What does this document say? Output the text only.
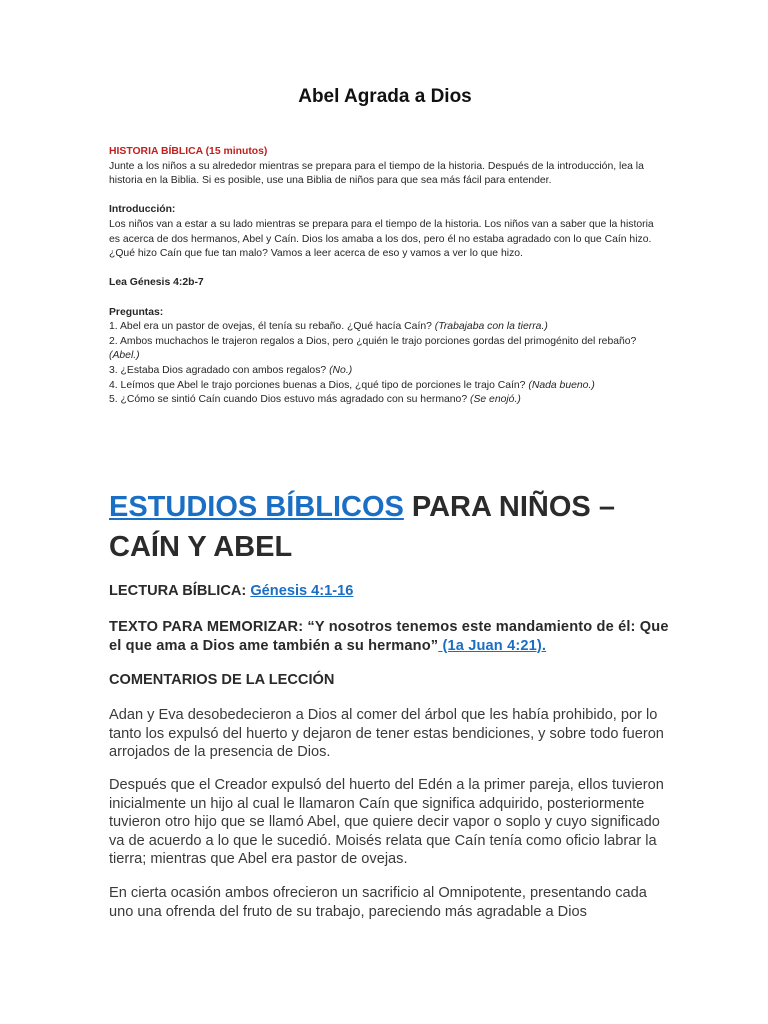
Abel Agrada a Dios

HISTORIA BÍBLICA (15 minutos)

Junte a los niños a su alrededor mientras se prepara para el tiempo de la historia. Después de la introducción, lea la historia en la Biblia. Si es posible, use una Biblia de niños para que sea más fácil para entender.

Introducción:

Los niños van a estar a su lado mientras se prepara para el tiempo de la historia. Los niños van a saber que la historia es acerca de dos hermanos, Abel y Caín. Dios los amaba a los dos, pero él no estaba agradado con lo que Caín hizo. ¿Qué hizo Caín que fue tan malo? Vamos a leer acerca de eso y vamos a ver lo que hizo.

Lea Génesis 4:2b-7

Preguntas:

1. Abel era un pastor de ovejas, él tenía su rebaño. ¿Qué hacía Caín? (Trabajaba con la tierra.)

2. Ambos muchachos le trajeron regalos a Dios, pero ¿quién le trajo porciones gordas del primogénito del rebaño? (Abel.)

3. ¿Estaba Dios agradado con ambos regalos? (No.)

4. Leímos que Abel le trajo porciones buenas a Dios, ¿qué tipo de porciones le trajo Caín? (Nada bueno.)

5. ¿Cómo se sintió Caín cuando Dios estuvo más agradado con su hermano? (Se enojó.)

ESTUDIOS BÍBLICOS PARA NIÑOS – CAÍN Y ABEL

LECTURA BÍBLICA: Génesis 4:1-16

TEXTO PARA MEMORIZAR: “Y nosotros tenemos este mandamiento de él: Que el que ama a Dios ame también a su hermano” (1a Juan 4:21).

COMENTARIOS DE LA LECCIÓN

Adan y Eva desobedecieron a Dios al comer del árbol que les había prohibido, por lo tanto los expulsó del huerto y dejaron de tener estas bendiciones, y sobre todo fueron arrojados de la presencia de Dios.

Después que el Creador expulsó del huerto del Edén a la primer pareja, ellos tuvieron inicialmente un hijo al cual le llamaron Caín que significa adquirido, posteriormente tuvieron otro hijo que se llamó Abel, que quiere decir vapor o soplo y cuyo significado va de acuerdo a lo que le sucedió. Moisés relata que Caín tenía como oficio labrar la tierra; mientras que Abel era pastor de ovejas.

En cierta ocasión ambos ofrecieron un sacrificio al Omnipotente, presentando cada uno una ofrenda del fruto de su trabajo, pareciendo más agradable a Dios
